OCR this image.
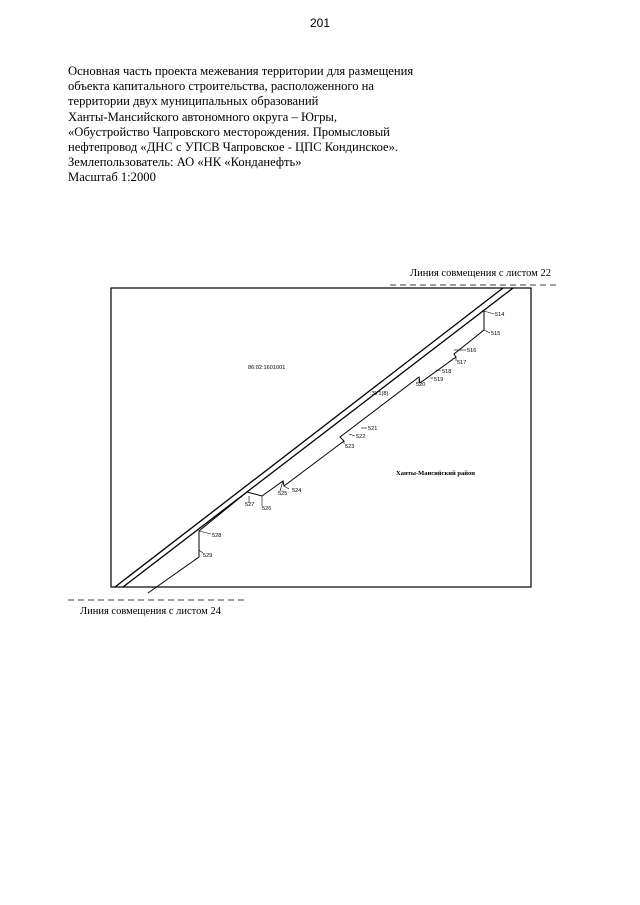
201
Основная часть проекта межевания территории для размещения
объекта капитального строительства, расположенного на
территории двух муниципальных образований
Ханты-Мансийского автономного округа – Югры,
«Обустройство Чапровского месторождения. Промысловый
нефтепровод «ДНС с УПСВ Чапровское - ЦПС Кондинское».
Землепользователь: АО «НК «Конданефть»
Масштаб 1:2000
Линия совмещения с листом 22
Линия совмещения с листом 24
86:02:1601001
:ЗУ1(8)
Ханты-Мансийский район
514
515
516
517
518
519
520
521
522
523
524
525
526
527
528
529
